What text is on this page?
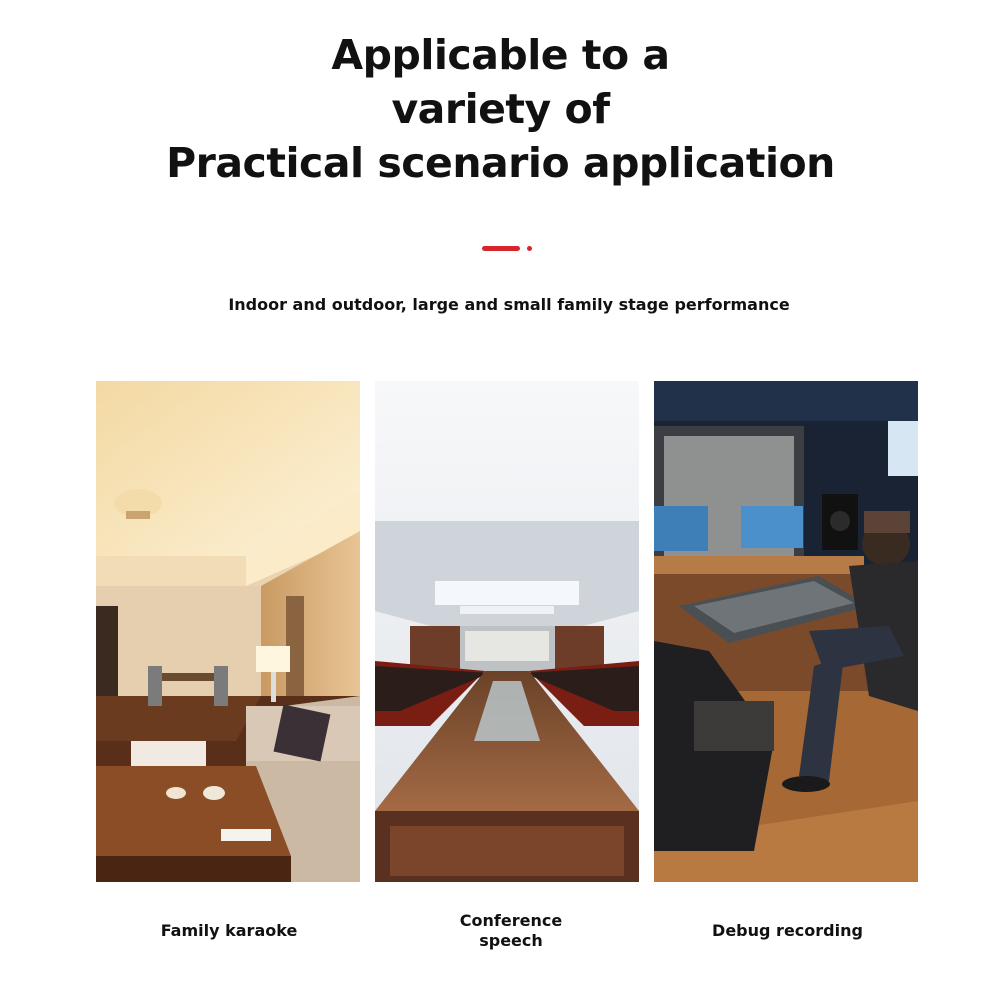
Applicable to a
variety of
Practical scenario application

Indoor and outdoor, large and small family stage performance

Family karaoke

Conference speech

Debug recording
